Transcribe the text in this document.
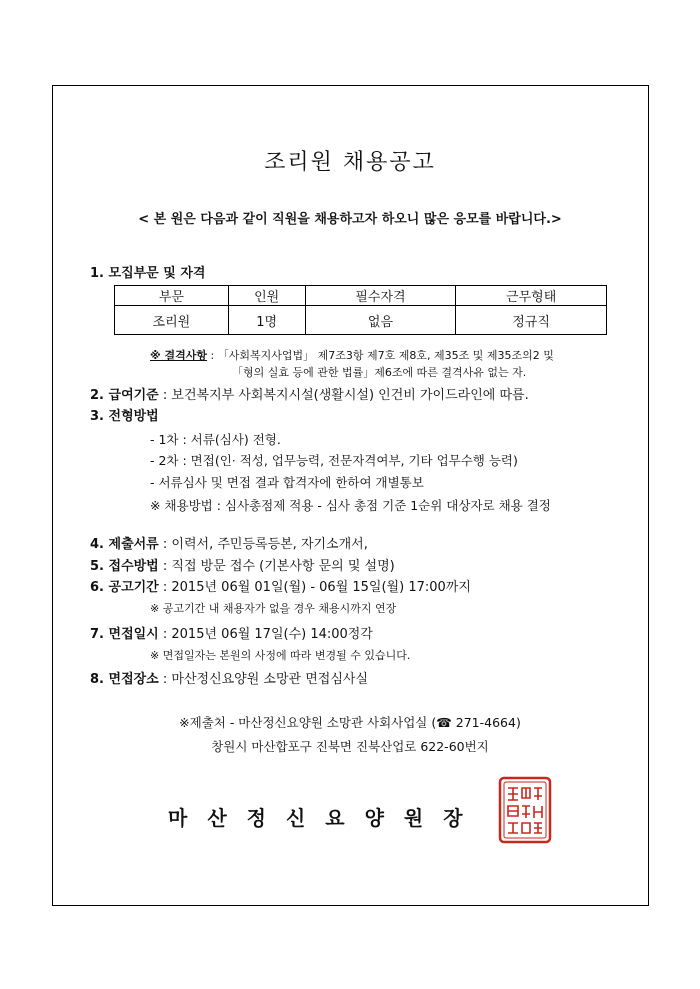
조리원 채용공고
< 본 원은 다음과 같이 직원을 채용하고자 하오니 많은 응모를 바랍니다.>
1. 모집부문 및 자격
부문	인원	필수자격	근무형태
조리원	1명	없음	정규직
※ 결격사항 : 「사회복지사업법」 제7조3항 제7호 제8호, 제35조 및 제35조의2 및
「형의 실효 등에 관한 법률」제6조에 따른 결격사유 없는 자.
2. 급여기준 : 보건복지부 사회복지시설(생활시설) 인건비 가이드라인에 따름.
3. 전형방법
- 1차 : 서류(심사) 전형.
- 2차 : 면접(인· 적성, 업무능력, 전문자격여부, 기타 업무수행 능력)
- 서류심사 및 면접 결과 합격자에 한하여 개별통보
※ 채용방법 : 심사총점제 적용 - 심사 총점 기준 1순위 대상자로 채용 결정
4. 제출서류 : 이력서, 주민등록등본, 자기소개서,
5. 접수방법 : 직접 방문 접수 (기본사항 문의 및 설명)
6. 공고기간 : 2015년 06월 01일(월) - 06월 15일(월) 17:00까지
※ 공고기간 내 채용자가 없을 경우 채용시까지 연장
7. 면접일시 : 2015년 06월 17일(수) 14:00정각
※ 면접일자는 본원의 사정에 따라 변경될 수 있습니다.
8. 면접장소 : 마산정신요양원 소망관 면접심사실
※제출처 - 마산정신요양원 소망관 사회사업실 (☎ 271-4664)
창원시 마산합포구 진북면 진북산업로 622-60번지
마산정신요양원장
